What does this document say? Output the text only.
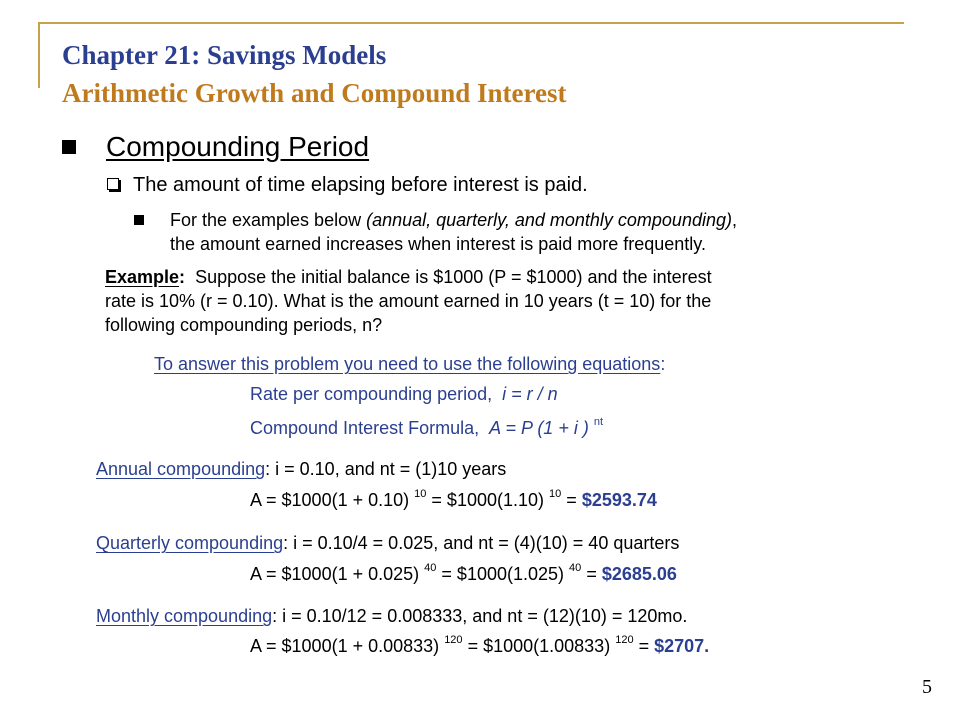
Chapter 21: Savings Models
Arithmetic Growth and Compound Interest
Compounding Period
The amount of time elapsing before interest is paid.
For the examples below (annual, quarterly, and monthly compounding),
the amount earned increases when interest is paid more frequently.
Example: Suppose the initial balance is $1000 (P = $1000) and the interest
rate is 10% (r = 0.10). What is the amount earned in 10 years (t = 10) for the
following compounding periods, n?
To answer this problem you need to use the following equations:
Rate per compounding period, i = r / n
Compound Interest Formula, A = P (1 + i ) $^{nt}$
Annual compounding: i = 0.10, and nt = (1)10 years
A = $1000(1 + 0.10) $^{10}$ = $1000(1.10) $^{10}$ = $2593.74
Quarterly compounding: i = 0.10/4 = 0.025, and nt = (4)(10) = 40 quarters
A = $1000(1 + 0.025) $^{40}$ = $1000(1.025) $^{40}$ = $2685.06
Monthly compounding: i = 0.10/12 = 0.008333, and nt = (12)(10) = 120mo.
A = $1000(1 + 0.00833) $^{120}$ = $1000(1.00833) $^{120}$ = $2707.
5
